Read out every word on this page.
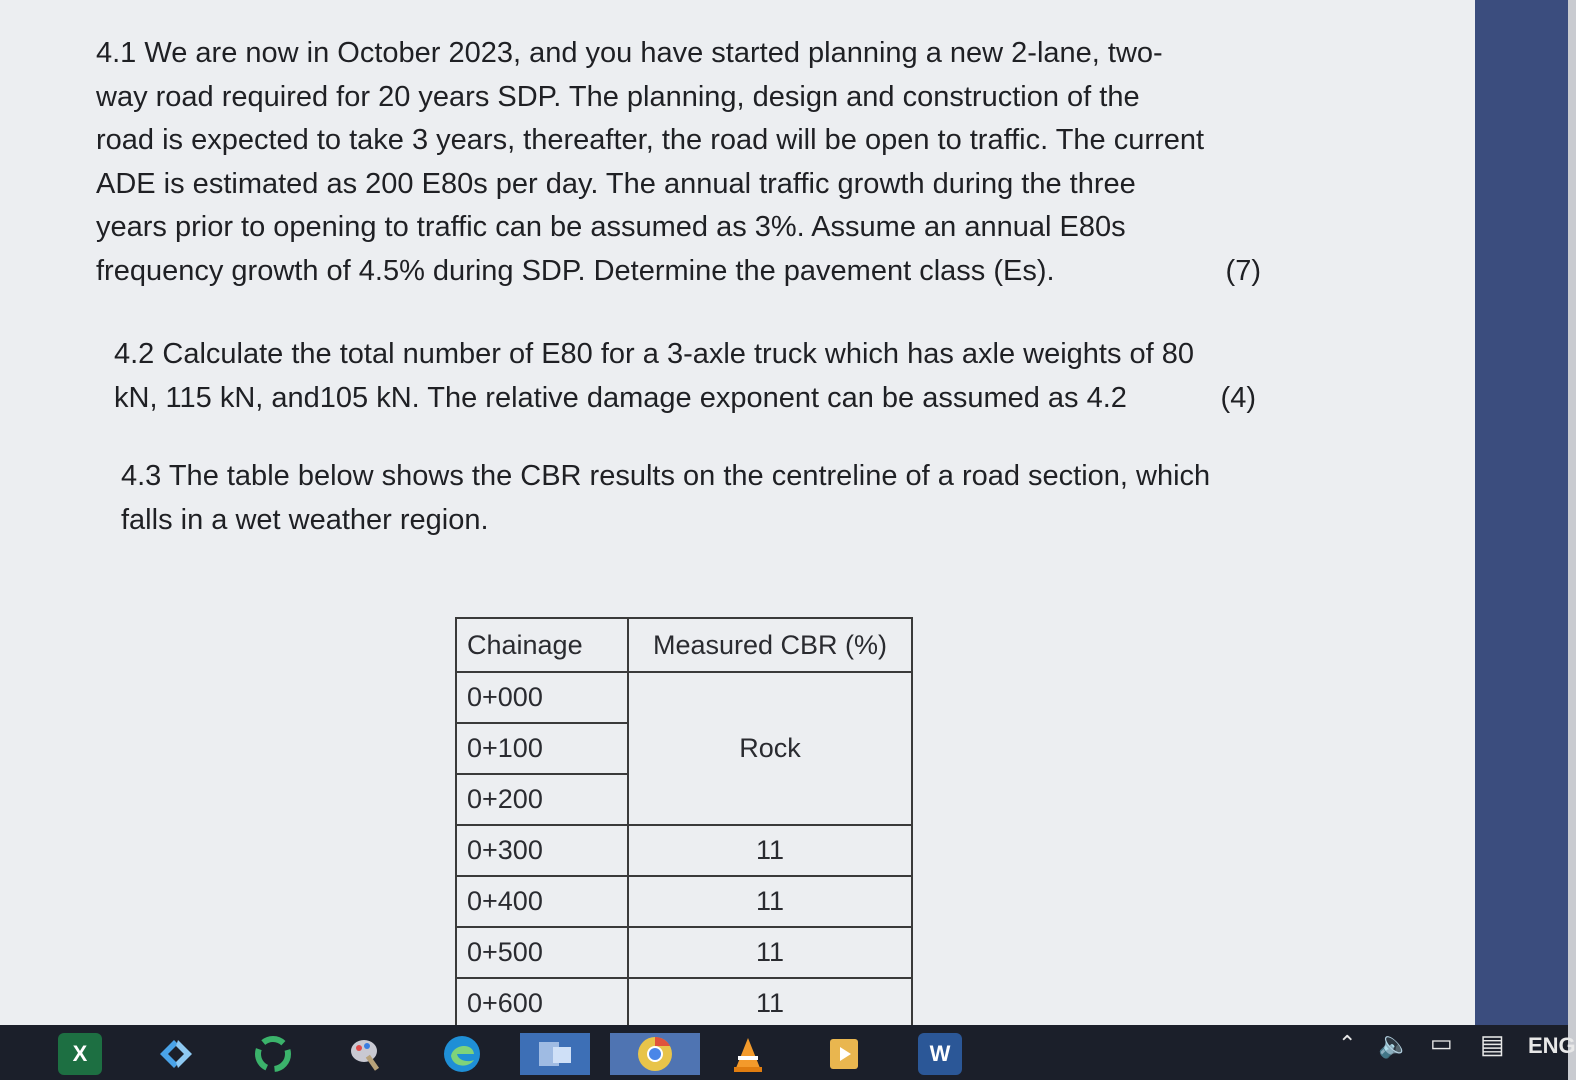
4.1 We are now in October 2023, and you have started planning a new 2-lane, two-
way road required for 20 years SDP. The planning, design and construction of the
road is expected to take 3 years, thereafter, the road will be open to traffic. The current
ADE is estimated as 200 E80s per day. The annual traffic growth during the three
years prior to opening to traffic can be assumed as 3%. Assume an annual E80s
frequency growth of 4.5% during SDP. Determine the pavement class (Es).	(7)
4.2 Calculate the total number of E80 for a 3-axle truck which has axle weights of 80
kN, 115 kN, and105 kN. The relative damage exponent can be assumed as 4.2	(4)
4.3 The table below shows the CBR results on the centreline of a road section, which
falls in a wet weather region.
Chainage	Measured CBR (%)
0+000	Rock
0+100	
0+200	
0+300	11
0+400	11
0+500	11
0+600	11
X	W	⌃ 🔈 ▭ ▤ ENG
